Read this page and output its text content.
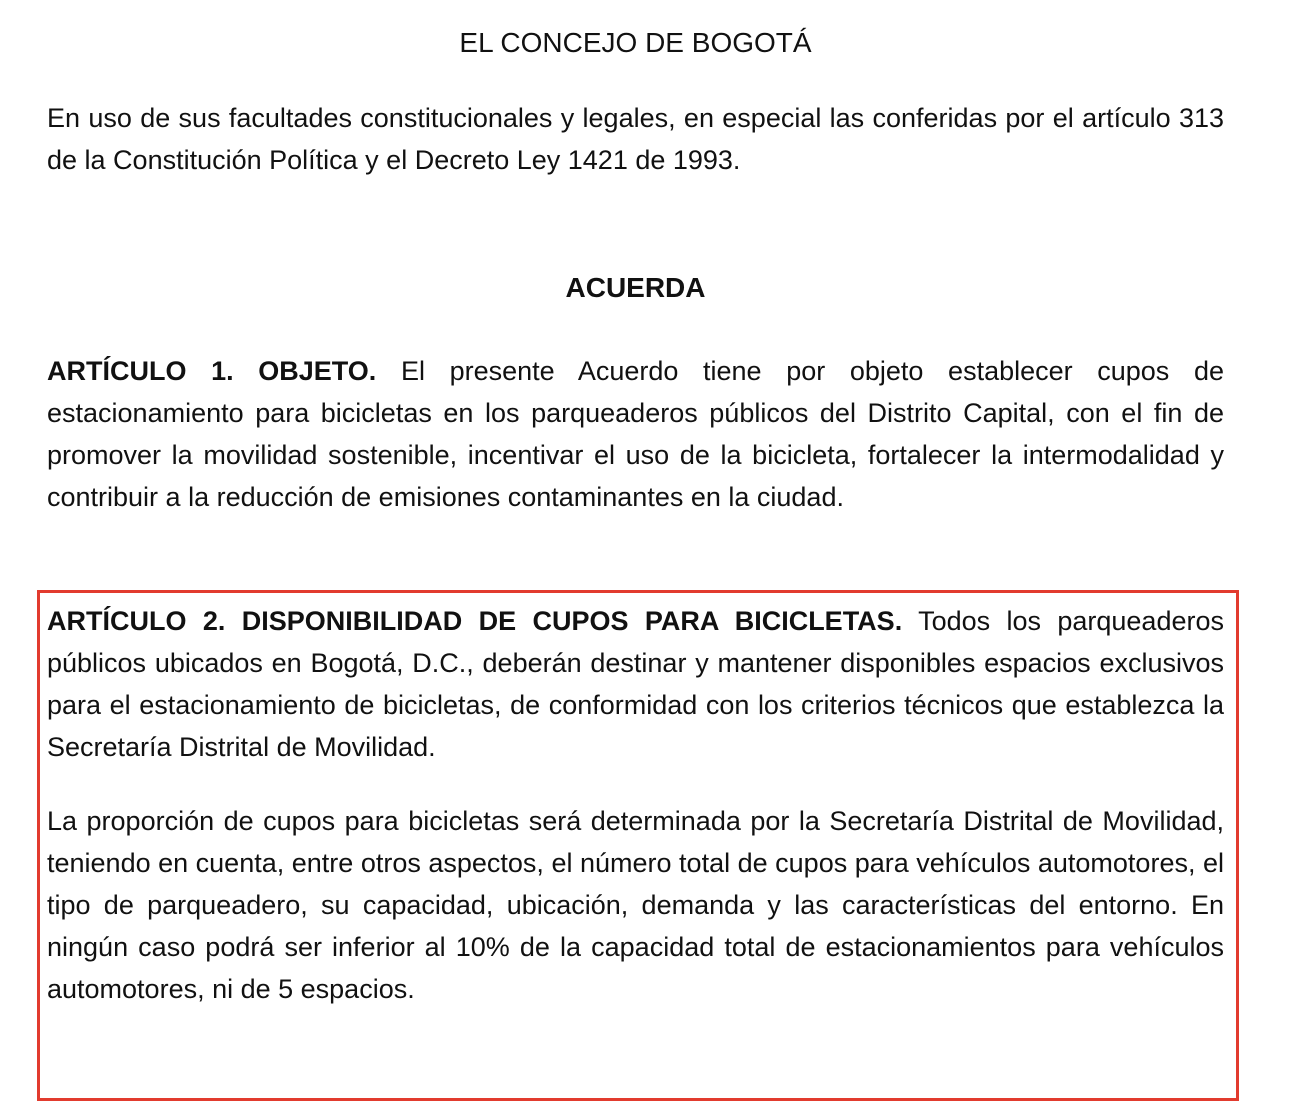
EL CONCEJO DE BOGOTÁ

En uso de sus facultades constitucionales y legales, en especial las conferidas por el artículo 313 de la Constitución Política y el Decreto Ley 1421 de 1993.

ACUERDA

ARTÍCULO 1. OBJETO. El presente Acuerdo tiene por objeto establecer cupos de estacionamiento para bicicletas en los parqueaderos públicos del Distrito Capital, con el fin de promover la movilidad sostenible, incentivar el uso de la bicicleta, fortalecer la intermodalidad y contribuir a la reducción de emisiones contaminantes en la ciudad.

ARTÍCULO 2. DISPONIBILIDAD DE CUPOS PARA BICICLETAS. Todos los parqueaderos públicos ubicados en Bogotá, D.C., deberán destinar y mantener disponibles espacios exclusivos para el estacionamiento de bicicletas, de conformidad con los criterios técnicos que establezca la Secretaría Distrital de Movilidad.

La proporción de cupos para bicicletas será determinada por la Secretaría Distrital de Movilidad, teniendo en cuenta, entre otros aspectos, el número total de cupos para vehículos automotores, el tipo de parqueadero, su capacidad, ubicación, demanda y las características del entorno. En ningún caso podrá ser inferior al 10% de la capacidad total de estacionamientos para vehículos automotores, ni de 5 espacios.
